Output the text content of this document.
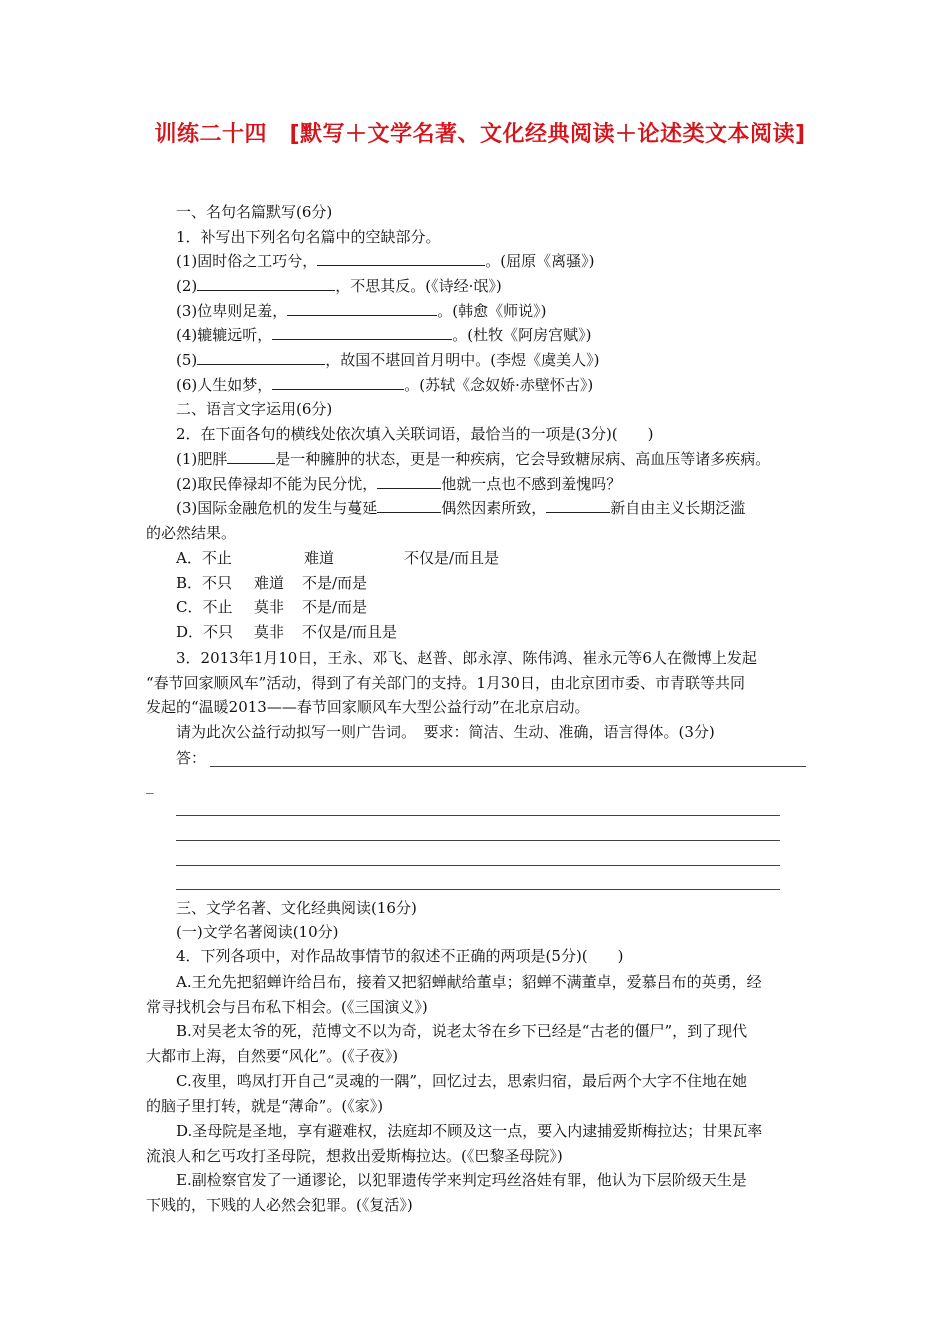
训练二十四　[默写＋文学名著、文化经典阅读＋论述类文本阅读]
一、名句名篇默写(6分)
1．补写出下列名句名篇中的空缺部分。
(1)固时俗之工巧兮，	。(屈原《离骚》)
(2)	，不思其反。(《诗经·氓》)
(3)位卑则足羞，	。(韩愈《师说》)
(4)辘辘远听，	。(杜牧《阿房宫赋》)
(5)	，故国不堪回首月明中。(李煜《虞美人》)
(6)人生如梦，	。(苏轼《念奴娇·赤壁怀古》)
二、语言文字运用(6分)
2．在下面各句的横线处依次填入关联词语，最恰当的一项是(3分)(　　)
(1)肥胖	是一种臃肿的状态，更是一种疾病，它会导致糖尿病、高血压等诸多疾病。
(2)取民俸禄却不能为民分忧，	他就一点也不感到羞愧吗？
(3)国际金融危机的发生与蔓延	偶然因素所致，	新自由主义长期泛滥
的必然结果。
A．不止	难道	不仅是/而且是
B．不只 难道 不是/而是
C．不止 莫非 不是/而是
D．不只 莫非 不仅是/而且是
3．2013年1月10日，王永、邓飞、赵普、郎永淳、陈伟鸿、崔永元等6人在微博上发起
“春节回家顺风车”活动，得到了有关部门的支持。1月30日，由北京团市委、市青联等共同
发起的“温暖2013——春节回家顺风车大型公益行动”在北京启动。
请为此次公益行动拟写一则广告词。　要求：简洁、生动、准确，语言得体。(3分)
答：
_
三、文学名著、文化经典阅读(16分)
(一)文学名著阅读(10分)
4．下列各项中，对作品故事情节的叙述不正确的两项是(5分)(　　)
A.王允先把貂蝉许给吕布，接着又把貂蝉献给董卓；貂蝉不满董卓，爱慕吕布的英勇，经
常寻找机会与吕布私下相会。(《三国演义》)
B.对吴老太爷的死，范博文不以为奇，说老太爷在乡下已经是“古老的僵尸”，到了现代
大都市上海，自然要“风化”。(《子夜》)
C.夜里，鸣凤打开自己“灵魂的一隅”，回忆过去，思索归宿，最后两个大字不住地在她
的脑子里打转，就是“薄命”。(《家》)
D.圣母院是圣地，享有避难权，法庭却不顾及这一点，要入内逮捕爱斯梅拉达；甘果瓦率
流浪人和乞丐攻打圣母院，想救出爱斯梅拉达。(《巴黎圣母院》)
E.副检察官发了一通谬论，以犯罪遗传学来判定玛丝洛娃有罪，他认为下层阶级天生是
下贱的，下贱的人必然会犯罪。(《复活》)
